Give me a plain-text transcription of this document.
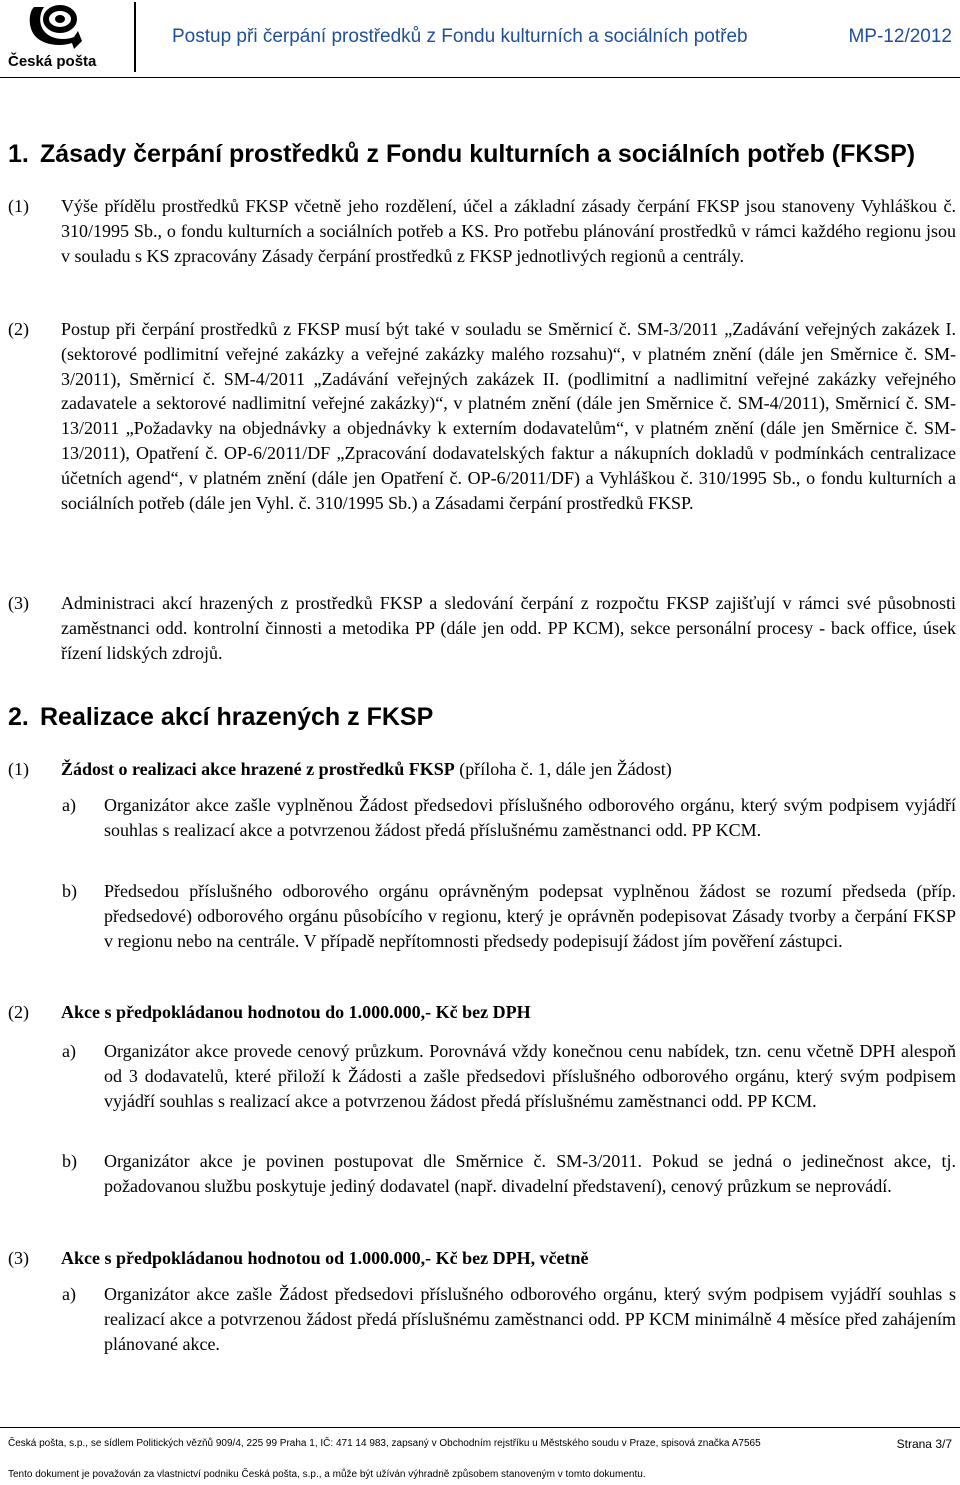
Česká pošta
Postup při čerpání prostředků z Fondu kulturních a sociálních potřeb	MP-12/2012
1. Zásady čerpání prostředků z Fondu kulturních a sociálních potřeb (FKSP)
(1) Výše přídělu prostředků FKSP včetně jeho rozdělení, účel a základní zásady čerpání FKSP jsou stanoveny Vyhláškou č. 310/1995 Sb., o fondu kulturních a sociálních potřeb a KS. Pro potřebu plánování prostředků v rámci každého regionu jsou v souladu s KS zpracovány Zásady čerpání prostředků z FKSP jednotlivých regionů a centrály.
(2) Postup při čerpání prostředků z FKSP musí být také v souladu se Směrnicí č. SM-3/2011 „Zadávání veřejných zakázek I. (sektorové podlimitní veřejné zakázky a veřejné zakázky malého rozsahu)“, v platném znění (dále jen Směrnice č. SM-3/2011), Směrnicí č. SM-4/2011 „Zadávání veřejných zakázek II. (podlimitní a nadlimitní veřejné zakázky veřejného zadavatele a sektorové nadlimitní veřejné zakázky)“, v platném znění (dále jen Směrnice č. SM-4/2011), Směrnicí č. SM-13/2011 „Požadavky na objednávky a objednávky k externím dodavatelům“, v platném znění (dále jen Směrnice č. SM-13/2011), Opatření č. OP-6/2011/DF „Zpracování dodavatelských faktur a nákupních dokladů v podmínkách centralizace účetních agend“, v platném znění (dále jen Opatření č. OP-6/2011/DF) a Vyhláškou č. 310/1995 Sb., o fondu kulturních a sociálních potřeb (dále jen Vyhl. č. 310/1995 Sb.) a Zásadami čerpání prostředků FKSP.
(3) Administraci akcí hrazených z prostředků FKSP a sledování čerpání z rozpočtu FKSP zajišťují v rámci své působnosti zaměstnanci odd. kontrolní činnosti a metodika PP (dále jen odd. PP KCM), sekce personální procesy - back office, úsek řízení lidských zdrojů.
2. Realizace akcí hrazených z FKSP
(1) Žádost o realizaci akce hrazené z prostředků FKSP (příloha č. 1, dále jen Žádost)
a) Organizátor akce zašle vyplněnou Žádost předsedovi příslušného odborového orgánu, který svým podpisem vyjádří souhlas s realizací akce a potvrzenou žádost předá příslušnému zaměstnanci odd. PP KCM.
b) Předsedou příslušného odborového orgánu oprávněným podepsat vyplněnou žádost se rozumí předseda (příp. předsedové) odborového orgánu působícího v regionu, který je oprávněn podepisovat Zásady tvorby a čerpání FKSP v regionu nebo na centrále. V případě nepřítomnosti předsedy podepisují žádost jím pověření zástupci.
(2) Akce s předpokládanou hodnotou do 1.000.000,- Kč bez DPH
a) Organizátor akce provede cenový průzkum. Porovnává vždy konečnou cenu nabídek, tzn. cenu včetně DPH alespoň od 3 dodavatelů, které přiloží k Žádosti a zašle předsedovi příslušného odborového orgánu, který svým podpisem vyjádří souhlas s realizací akce a potvrzenou žádost předá příslušnému zaměstnanci odd. PP KCM.
b) Organizátor akce je povinen postupovat dle Směrnice č. SM-3/2011. Pokud se jedná o jedinečnost akce, tj. požadovanou službu poskytuje jediný dodavatel (např. divadelní představení), cenový průzkum se neprovádí.
(3) Akce s předpokládanou hodnotou od 1.000.000,- Kč bez DPH, včetně
a) Organizátor akce zašle Žádost předsedovi příslušného odborového orgánu, který svým podpisem vyjádří souhlas s realizací akce a potvrzenou žádost předá příslušnému zaměstnanci odd. PP KCM minimálně 4 měsíce před zahájením plánované akce.
Česká pošta, s.p., se sídlem Politických vězňů 909/4, 225 99 Praha 1, IČ: 471 14 983, zapsaný v Obchodním rejstříku u Městského soudu v Praze, spisová značka A7565	Strana 3/7
Tento dokument je považován za vlastnictví podniku Česká pošta, s.p., a může být užíván výhradně způsobem stanoveným v tomto dokumentu.
